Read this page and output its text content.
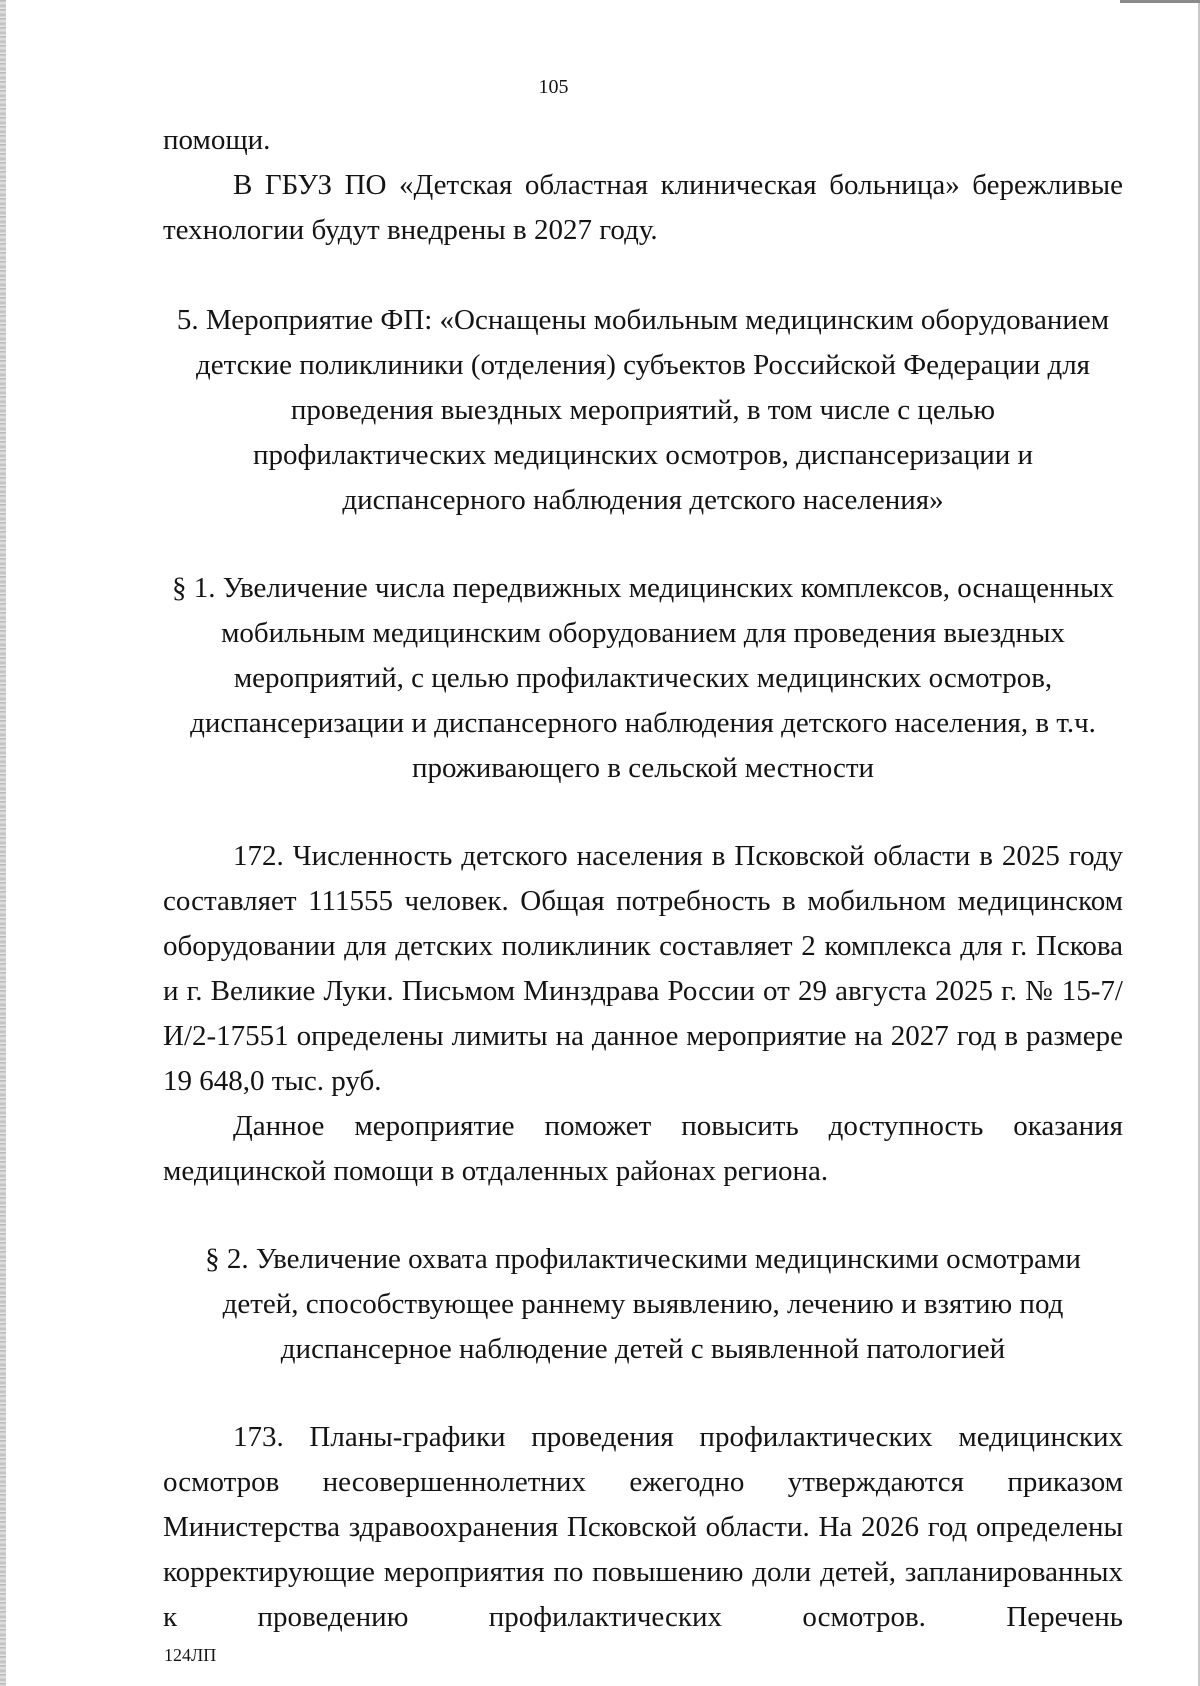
105

помощи.

В ГБУЗ ПО «Детская областная клиническая больница» бережливые технологии будут внедрены в 2027 году.

5. Мероприятие ФП: «Оснащены мобильным медицинским оборудованием детские поликлиники (отделения) субъектов Российской Федерации для проведения выездных мероприятий, в том числе с целью профилактических медицинских осмотров, диспансеризации и диспансерного наблюдения детского населения»

§ 1. Увеличение числа передвижных медицинских комплексов, оснащенных мобильным медицинским оборудованием для проведения выездных мероприятий, с целью профилактических медицинских осмотров, диспансеризации и диспансерного наблюдения детского населения, в т.ч. проживающего в сельской местности

172. Численность детского населения в Псковской области в 2025 году составляет 111555 человек. Общая потребность в мобильном медицинском оборудовании для детских поликлиник составляет 2 комплекса для г. Пскова и г. Великие Луки. Письмом Минздрава России от 29 августа 2025 г. № 15-7/И/2-17551 определены лимиты на данное мероприятие на 2027 год в размере 19 648,0 тыс. руб.

Данное мероприятие поможет повысить доступность оказания медицинской помощи в отдаленных районах региона.

§ 2. Увеличение охвата профилактическими медицинскими осмотрами детей, способствующее раннему выявлению, лечению и взятию под диспансерное наблюдение детей с выявленной патологией

173. Планы-графики проведения профилактических медицинских осмотров несовершеннолетних ежегодно утверждаются приказом Министерства здравоохранения Псковской области. На 2026 год определены корректирующие мероприятия по повышению доли детей, запланированных к проведению профилактических осмотров. Перечень

124ЛП
